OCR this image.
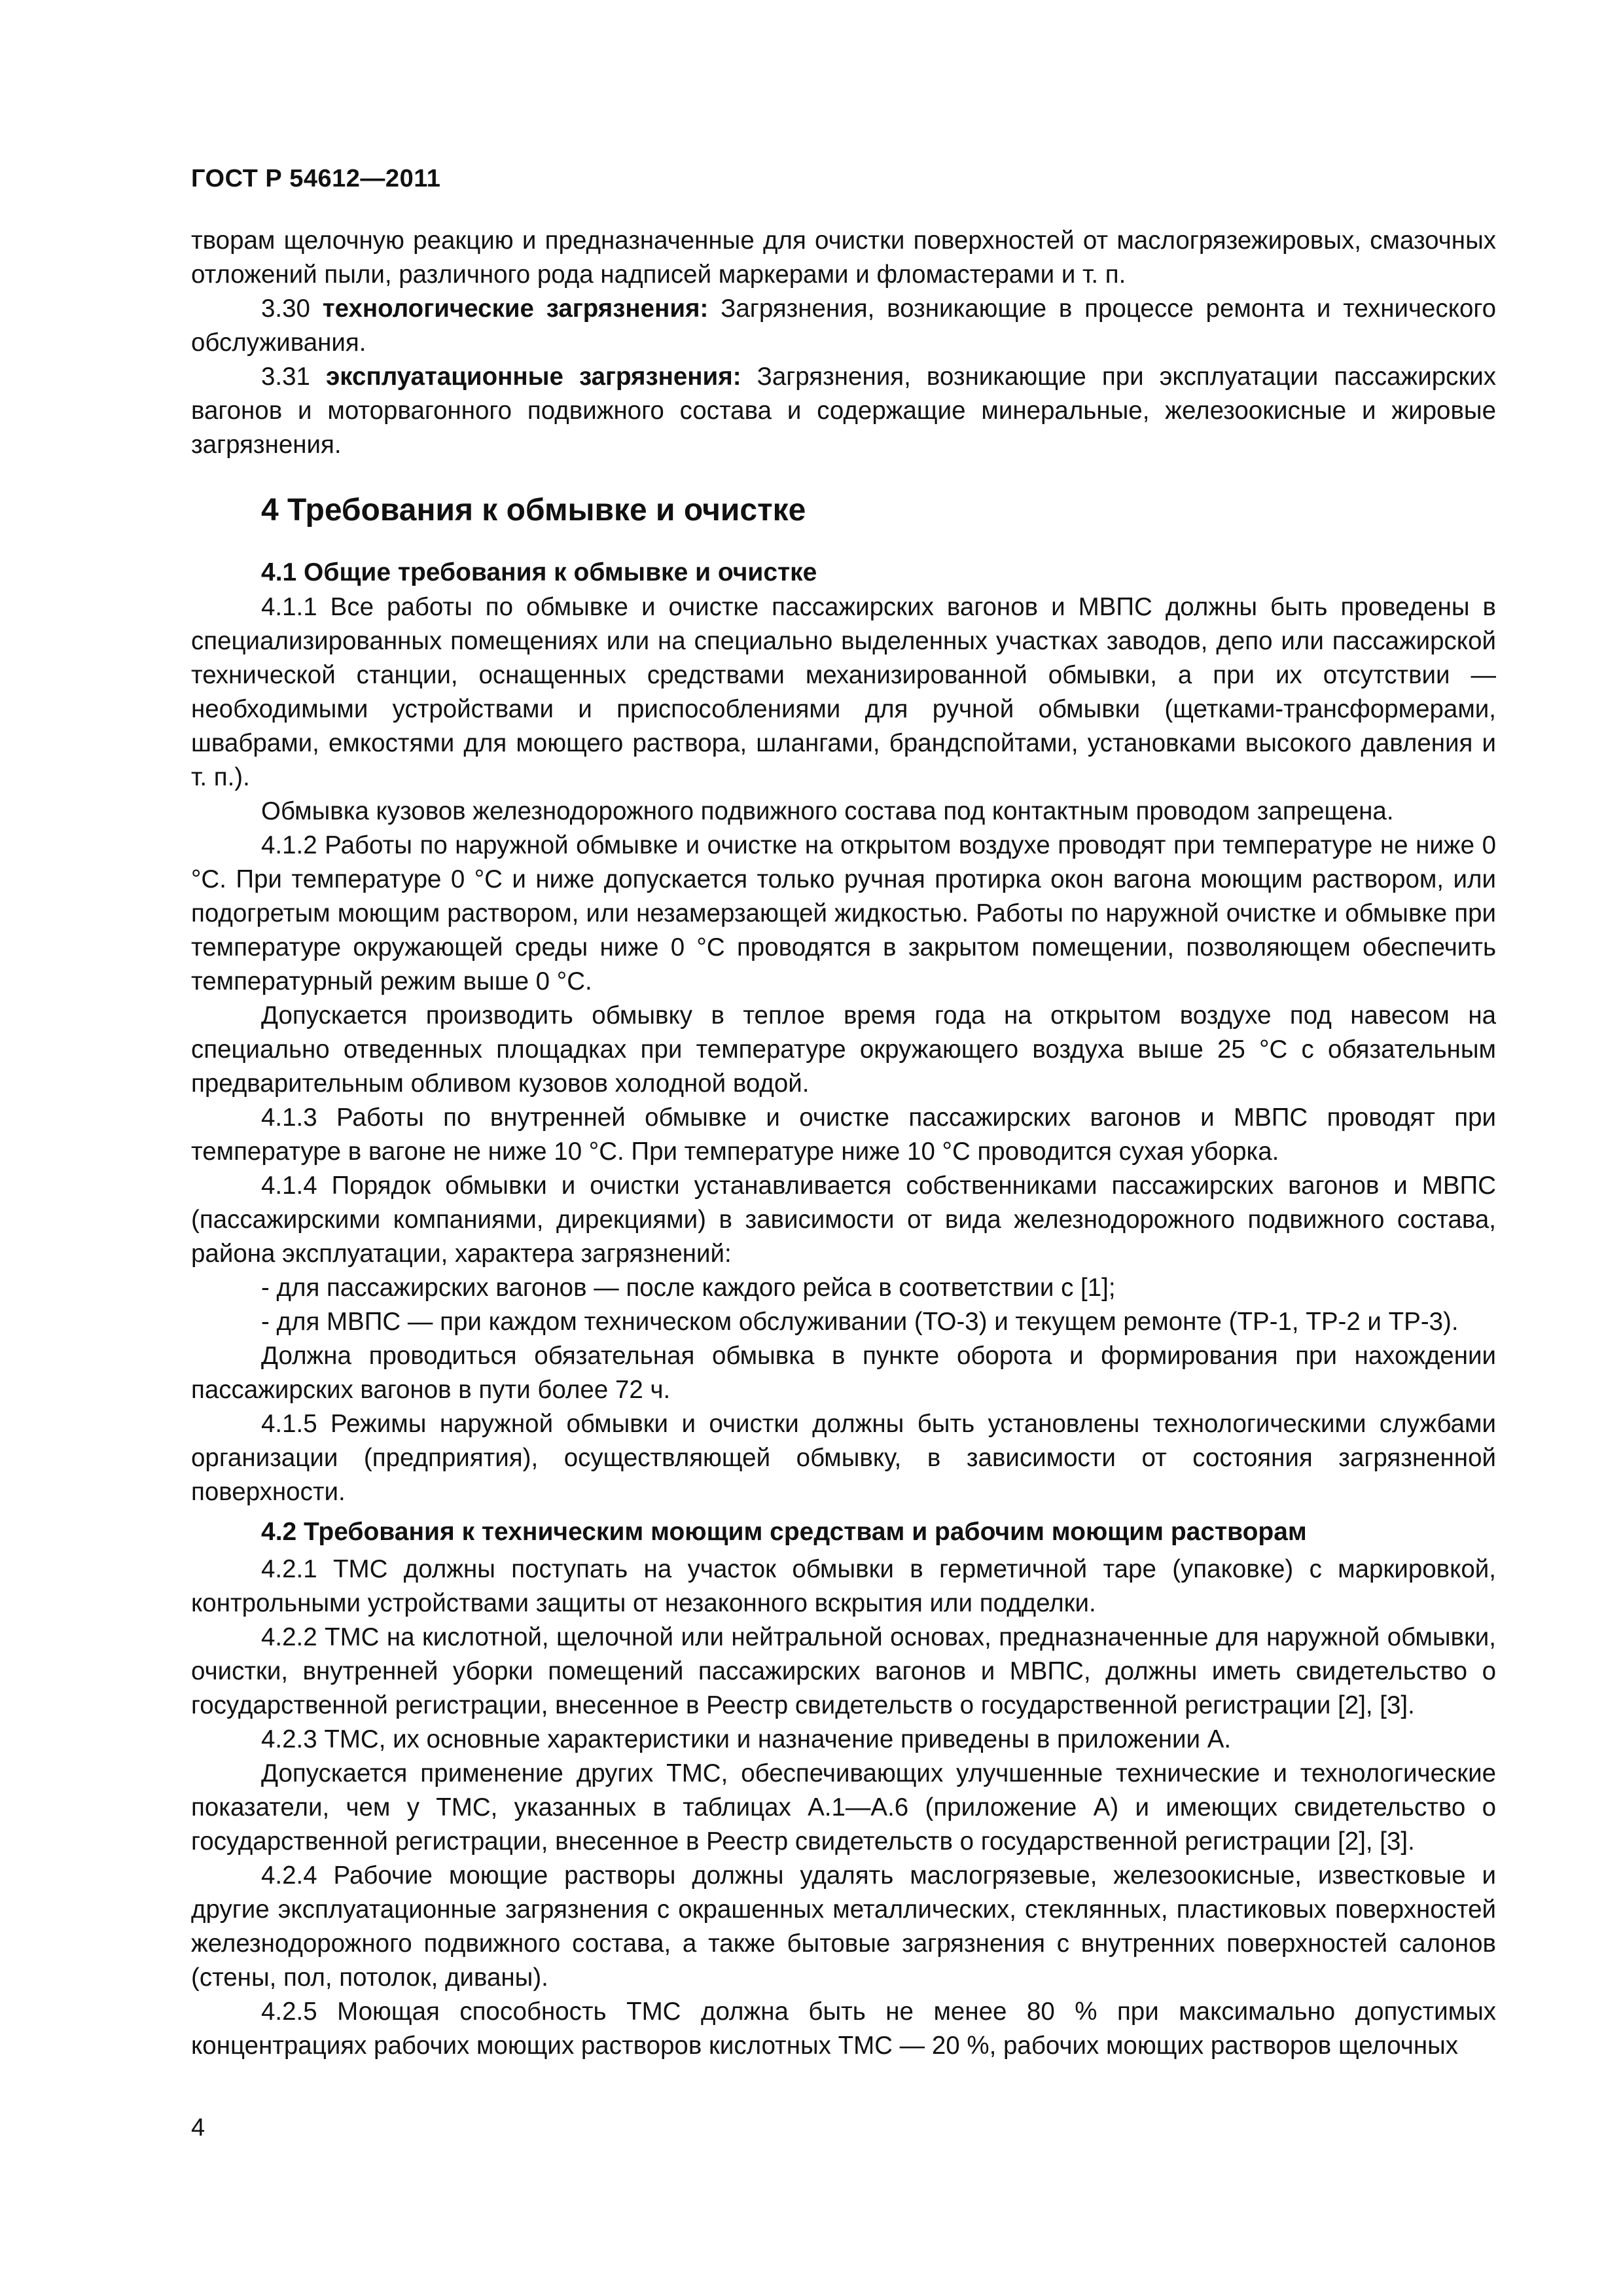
ГОСТ Р 54612—2011

творам щелочную реакцию и предназначенные для очистки поверхностей от маслогрязежировых, смазочных отложений пыли, различного рода надписей маркерами и фломастерами и т. п.

3.30 технологические загрязнения: Загрязнения, возникающие в процессе ремонта и технического обслуживания.

3.31 эксплуатационные загрязнения: Загрязнения, возникающие при эксплуатации пассажирских вагонов и моторвагонного подвижного состава и содержащие минеральные, железоокисные и жировые загрязнения.

4 Требования к обмывке и очистке
4.1 Общие требования к обмывке и очистке

4.1.1 Все работы по обмывке и очистке пассажирских вагонов и МВПС должны быть проведены в специализированных помещениях или на специально выделенных участках заводов, депо или пассажирской технической станции, оснащенных средствами механизированной обмывки, а при их отсутствии — необходимыми устройствами и приспособлениями для ручной обмывки (щетками-трансформерами, швабрами, емкостями для моющего раствора, шлангами, брандспойтами, установками высокого давления и т. п.).

Обмывка кузовов железнодорожного подвижного состава под контактным проводом запрещена.

4.1.2 Работы по наружной обмывке и очистке на открытом воздухе проводят при температуре не ниже 0 °С. При температуре 0 °С и ниже допускается только ручная протирка окон вагона моющим раствором, или подогретым моющим раствором, или незамерзающей жидкостью. Работы по наружной очистке и обмывке при температуре окружающей среды ниже 0 °С проводятся в закрытом помещении, позволяющем обеспечить температурный режим выше 0 °С.

Допускается производить обмывку в теплое время года на открытом воздухе под навесом на специально отведенных площадках при температуре окружающего воздуха выше 25 °С с обязательным предварительным обливом кузовов холодной водой.

4.1.3 Работы по внутренней обмывке и очистке пассажирских вагонов и МВПС проводят при температуре в вагоне не ниже 10 °С. При температуре ниже 10 °С проводится сухая уборка.

4.1.4 Порядок обмывки и очистки устанавливается собственниками пассажирских вагонов и МВПС (пассажирскими компаниями, дирекциями) в зависимости от вида железнодорожного подвижного состава, района эксплуатации, характера загрязнений:

- для пассажирских вагонов — после каждого рейса в соответствии с [1];

- для МВПС — при каждом техническом обслуживании (ТО-3) и текущем ремонте (ТР-1, ТР-2 и ТР-3).

Должна проводиться обязательная обмывка в пункте оборота и формирования при нахождении пассажирских вагонов в пути более 72 ч.

4.1.5 Режимы наружной обмывки и очистки должны быть установлены технологическими службами организации (предприятия), осуществляющей обмывку, в зависимости от состояния загрязненной поверхности.

4.2 Требования к техническим моющим средствам и рабочим моющим растворам

4.2.1 ТМС должны поступать на участок обмывки в герметичной таре (упаковке) с маркировкой, контрольными устройствами защиты от незаконного вскрытия или подделки.

4.2.2 ТМС на кислотной, щелочной или нейтральной основах, предназначенные для наружной обмывки, очистки, внутренней уборки помещений пассажирских вагонов и МВПС, должны иметь свидетельство о государственной регистрации, внесенное в Реестр свидетельств о государственной регистрации [2], [3].

4.2.3 ТМС, их основные характеристики и назначение приведены в приложении А.

Допускается применение других ТМС, обеспечивающих улучшенные технические и технологические показатели, чем у ТМС, указанных в таблицах А.1—А.6 (приложение А) и имеющих свидетельство о государственной регистрации, внесенное в Реестр свидетельств о государственной регистрации [2], [3].

4.2.4 Рабочие моющие растворы должны удалять маслогрязевые, железоокисные, известковые и другие эксплуатационные загрязнения с окрашенных металлических, стеклянных, пластиковых поверхностей железнодорожного подвижного состава, а также бытовые загрязнения с внутренних поверхностей салонов (стены, пол, потолок, диваны).

4.2.5 Моющая способность ТМС должна быть не менее 80 % при максимально допустимых концентрациях рабочих моющих растворов кислотных ТМС — 20 %, рабочих моющих растворов щелочных

4
